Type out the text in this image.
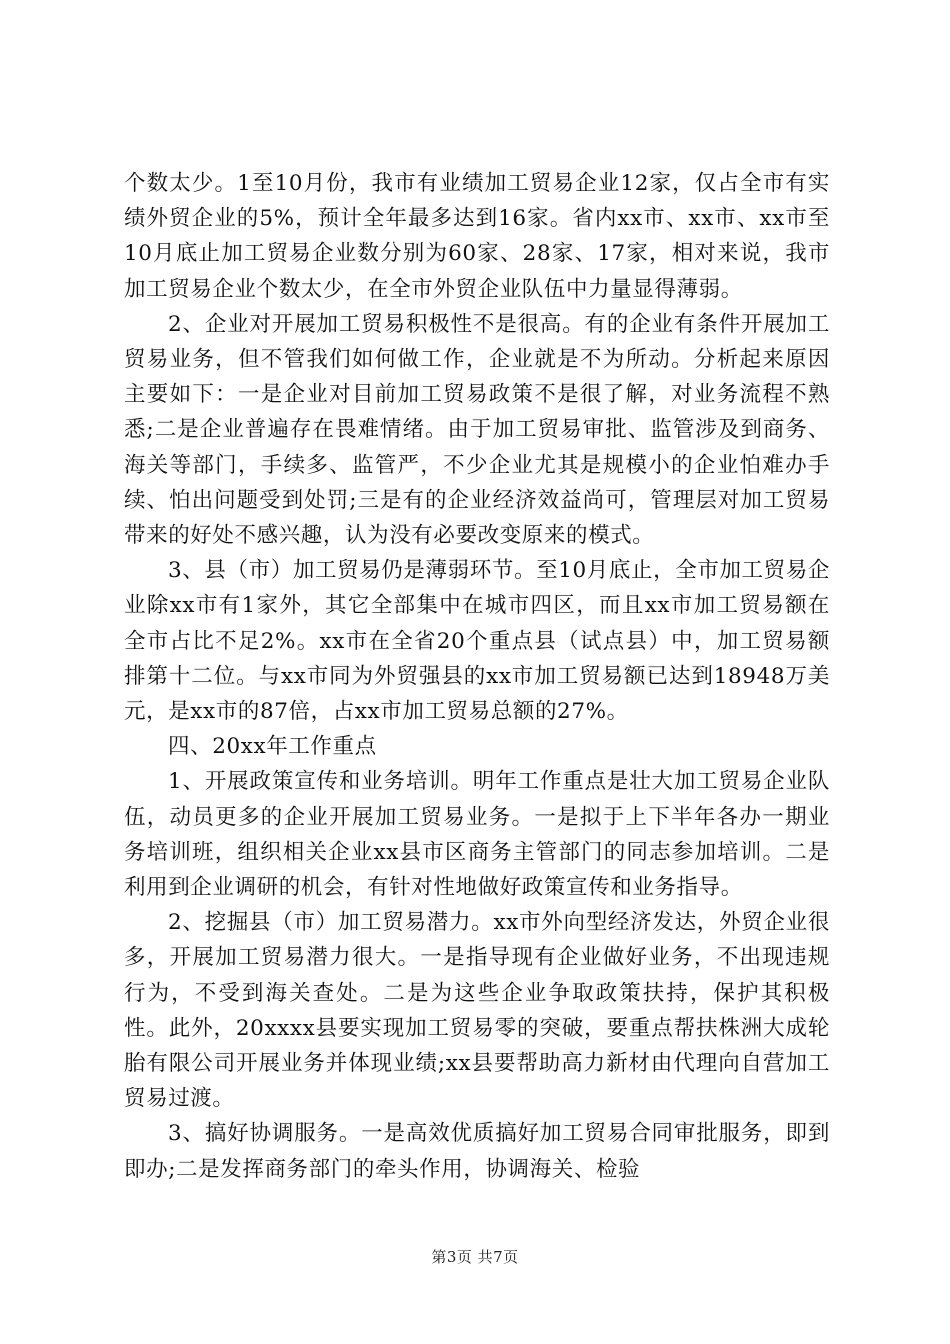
个数太少。1至10月份，我市有业绩加工贸易企业12家，仅占全市有实绩外贸企业的5%，预计全年最多达到16家。省内xx市、xx市、xx市至10月底止加工贸易企业数分别为60家、28家、17家，相对来说，我市加工贸易企业个数太少，在全市外贸企业队伍中力量显得薄弱。

2、企业对开展加工贸易积极性不是很高。有的企业有条件开展加工贸易业务，但不管我们如何做工作，企业就是不为所动。分析起来原因主要如下：一是企业对目前加工贸易政策不是很了解，对业务流程不熟悉;二是企业普遍存在畏难情绪。由于加工贸易审批、监管涉及到商务、海关等部门，手续多、监管严，不少企业尤其是规模小的企业怕难办手续、怕出问题受到处罚;三是有的企业经济效益尚可，管理层对加工贸易带来的好处不感兴趣，认为没有必要改变原来的模式。

3、县（市）加工贸易仍是薄弱环节。至10月底止，全市加工贸易企业除xx市有1家外，其它全部集中在城市四区，而且xx市加工贸易额在全市占比不足2%。xx市在全省20个重点县（试点县）中，加工贸易额排第十二位。与xx市同为外贸强县的xx市加工贸易额已达到18948万美元，是xx市的87倍，占xx市加工贸易总额的27%。

四、20xx年工作重点

1、开展政策宣传和业务培训。明年工作重点是壮大加工贸易企业队伍，动员更多的企业开展加工贸易业务。一是拟于上下半年各办一期业务培训班，组织相关企业xx县市区商务主管部门的同志参加培训。二是利用到企业调研的机会，有针对性地做好政策宣传和业务指导。

2、挖掘县（市）加工贸易潜力。xx市外向型经济发达，外贸企业很多，开展加工贸易潜力很大。一是指导现有企业做好业务，不出现违规行为，不受到海关查处。二是为这些企业争取政策扶持，保护其积极性。此外，20xxxx县要实现加工贸易零的突破，要重点帮扶株洲大成轮胎有限公司开展业务并体现业绩;xx县要帮助高力新材由代理向自营加工贸易过渡。

3、搞好协调服务。一是高效优质搞好加工贸易合同审批服务，即到即办;二是发挥商务部门的牵头作用，协调海关、检验

第3页 共7页
